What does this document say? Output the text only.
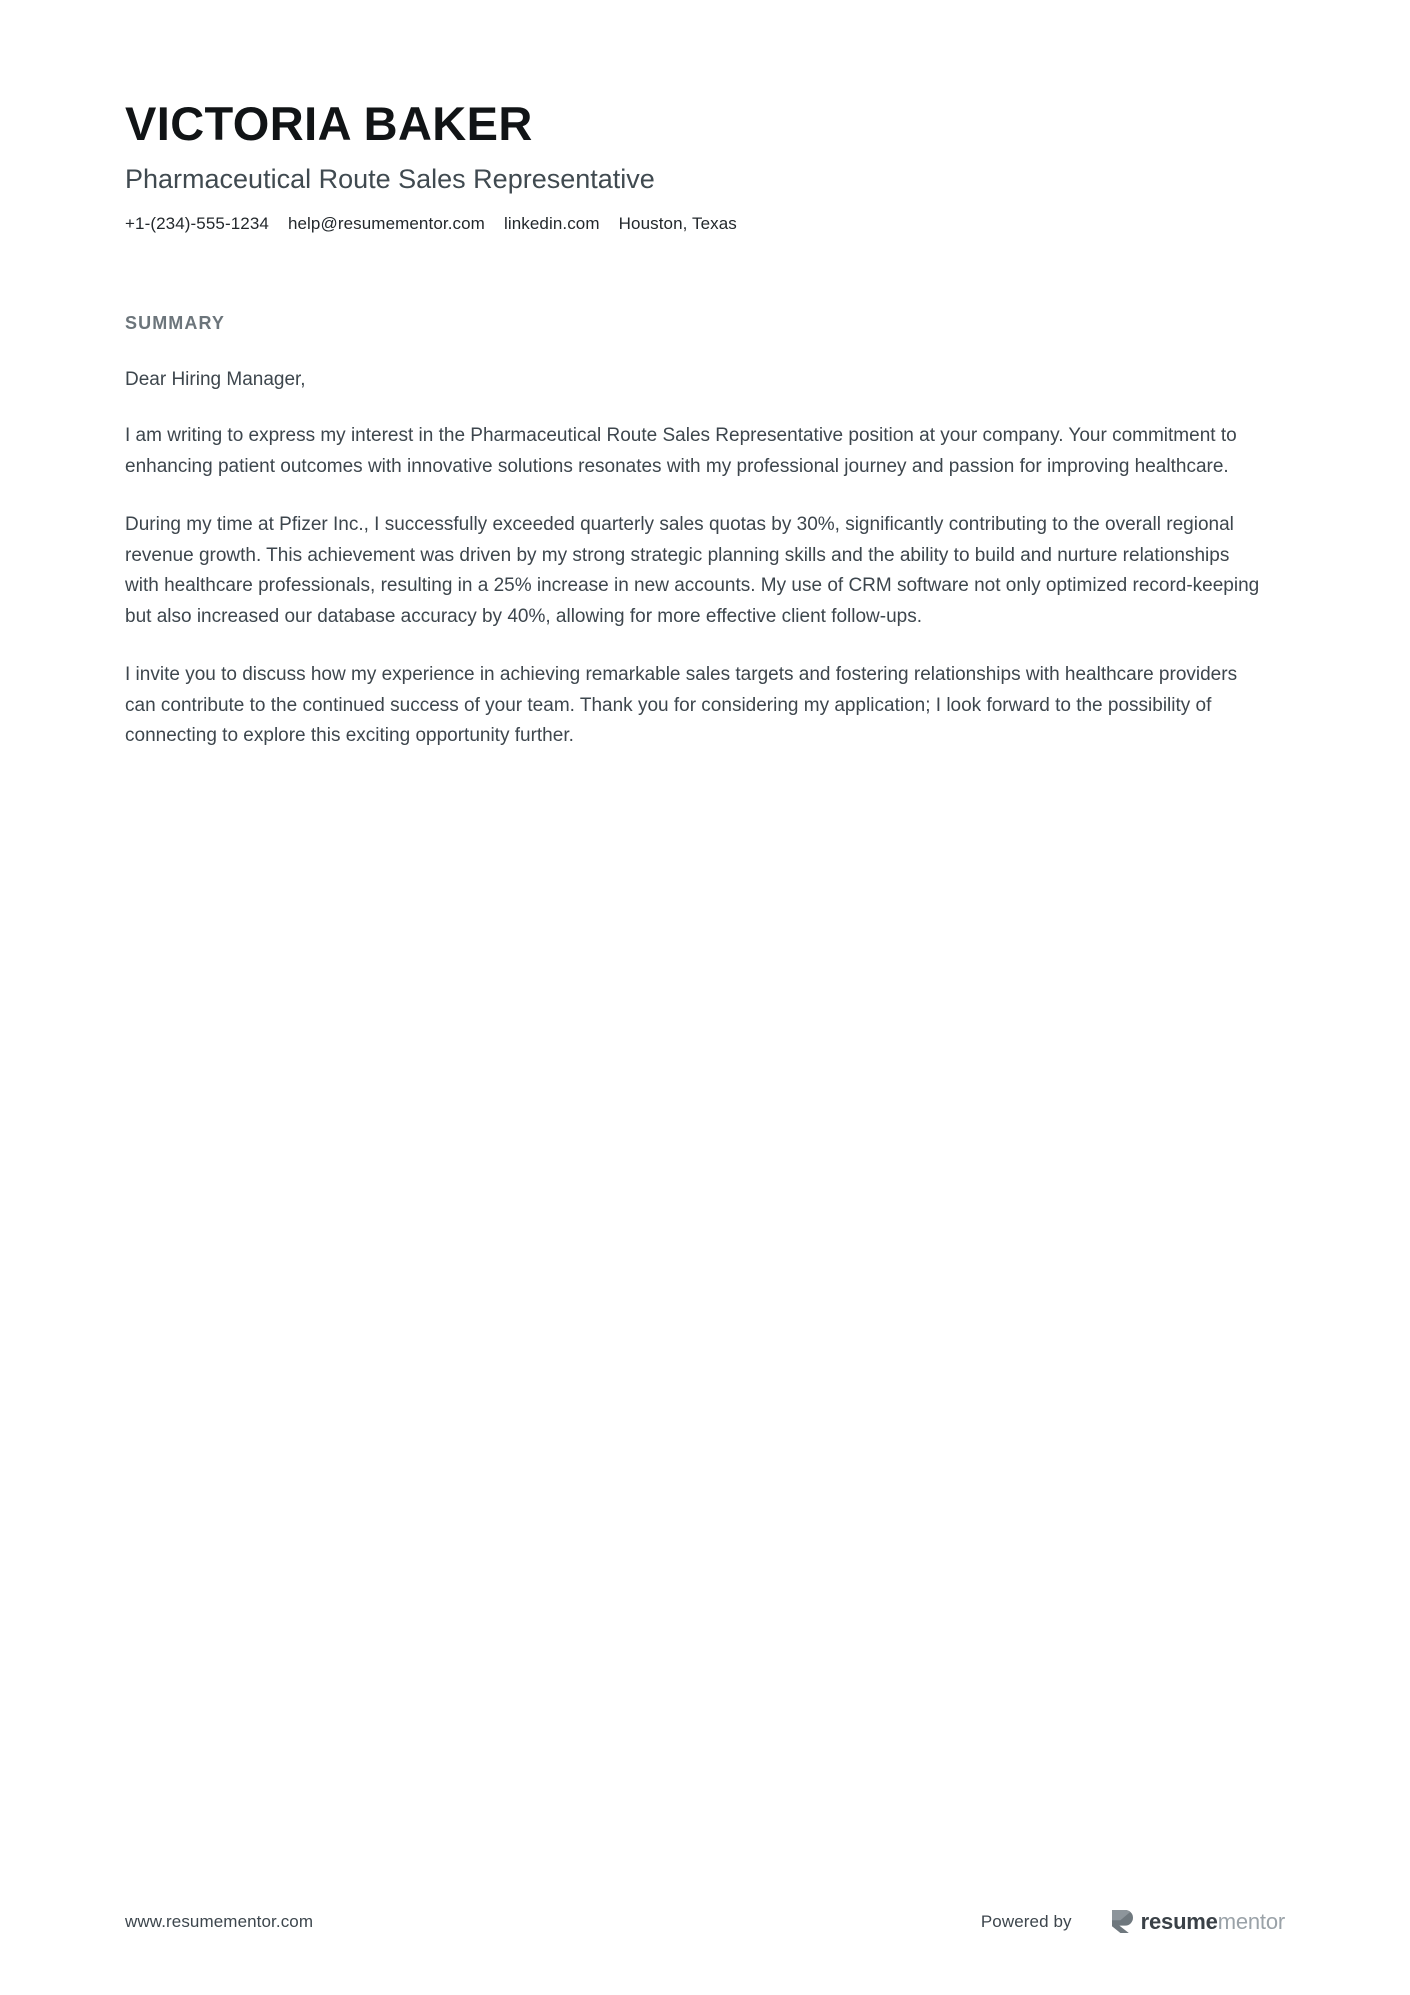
VICTORIA BAKER
Pharmaceutical Route Sales Representative
+1-(234)-555-1234 help@resumementor.com linkedin.com Houston, Texas
SUMMARY

Dear Hiring Manager,

I am writing to express my interest in the Pharmaceutical Route Sales Representative position at your company. Your commitment to enhancing patient outcomes with innovative solutions resonates with my professional journey and passion for improving healthcare.

During my time at Pfizer Inc., I successfully exceeded quarterly sales quotas by 30%, significantly contributing to the overall regional revenue growth. This achievement was driven by my strong strategic planning skills and the ability to build and nurture relationships with healthcare professionals, resulting in a 25% increase in new accounts. My use of CRM software not only optimized record-keeping but also increased our database accuracy by 40%, allowing for more effective client follow-ups.

I invite you to discuss how my experience in achieving remarkable sales targets and fostering relationships with healthcare providers can contribute to the continued success of your team. Thank you for considering my application; I look forward to the possibility of connecting to explore this exciting opportunity further.

www.resumementor.com	Powered by	resumementor
